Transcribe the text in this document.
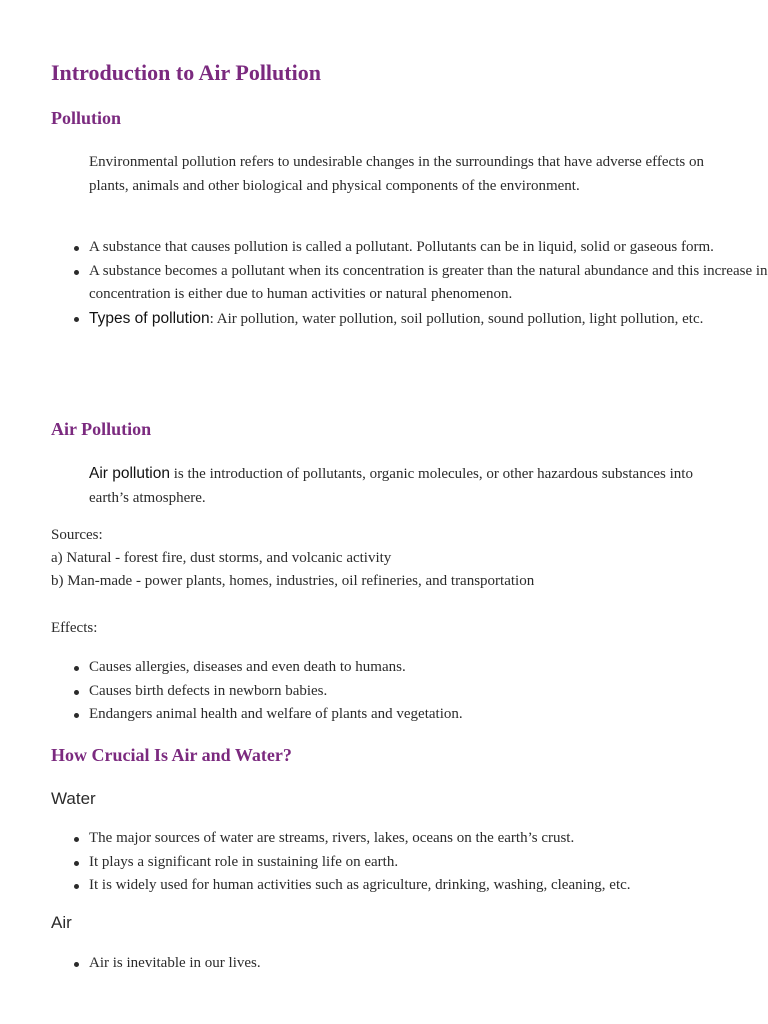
Introduction to Air Pollution
Pollution

Environmental pollution refers to undesirable changes in the surroundings that have adverse effects on plants, animals and other biological and physical components of the environment.

A substance that causes pollution is called a pollutant. Pollutants can be in liquid, solid or gaseous form.
A substance becomes a pollutant when its concentration is greater than the natural abundance and this increase in concentration is either due to human activities or natural phenomenon.
Types of pollution: Air pollution, water pollution, soil pollution, sound pollution, light pollution, etc.
Air Pollution

Air pollution is the introduction of pollutants, organic molecules, or other hazardous substances into earth’s atmosphere.

Sources:

a) Natural - forest fire, dust storms, and volcanic activity

b) Man-made - power plants, homes, industries, oil refineries, and transportation

Effects:

Causes allergies, diseases and even death to humans.
Causes birth defects in newborn babies.
Endangers animal health and welfare of plants and vegetation.
How Crucial Is Air and Water?
Water
The major sources of water are streams, rivers, lakes, oceans on the earth’s crust.
It plays a significant role in sustaining life on earth.
It is widely used for human activities such as agriculture, drinking, washing, cleaning, etc.
Air
Air is inevitable in our lives.
